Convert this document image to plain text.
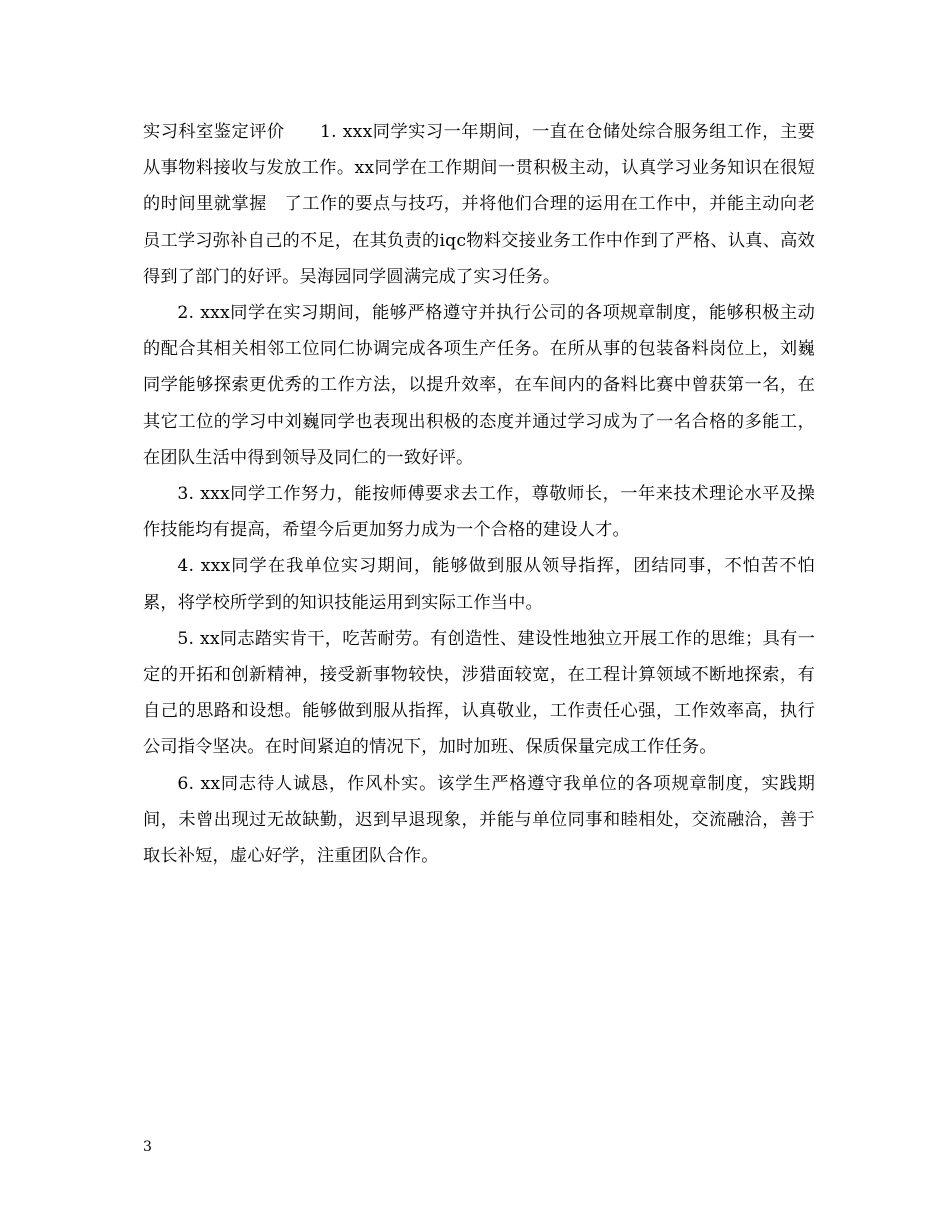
实习科室鉴定评价　　1. xxx同学实习一年期间，一直在仓储处综合服务组工作，主要从事物料接收与发放工作。xx同学在工作期间一贯积极主动，认真学习业务知识在很短的时间里就掌握　了工作的要点与技巧，并将他们合理的运用在工作中，并能主动向老员工学习弥补自己的不足，在其负责的iqc物料交接业务工作中作到了严格、认真、高效得到了部门的好评。吴海园同学圆满完成了实习任务。

2. xxx同学在实习期间，能够严格遵守并执行公司的各项规章制度，能够积极主动的配合其相关相邻工位同仁协调完成各项生产任务。在所从事的包装备料岗位上，刘巍同学能够探索更优秀的工作方法，以提升效率，在车间内的备料比赛中曾获第一名，在其它工位的学习中刘巍同学也表现出积极的态度并通过学习成为了一名合格的多能工，在团队生活中得到领导及同仁的一致好评。

3. xxx同学工作努力，能按师傅要求去工作，尊敬师长，一年来技术理论水平及操作技能均有提高，希望今后更加努力成为一个合格的建设人才。

4. xxx同学在我单位实习期间，能够做到服从领导指挥，团结同事，不怕苦不怕累，将学校所学到的知识技能运用到实际工作当中。

5. xx同志踏实肯干，吃苦耐劳。有创造性、建设性地独立开展工作的思维；具有一定的开拓和创新精神，接受新事物较快，涉猎面较宽，在工程计算领域不断地探索，有自己的思路和设想。能够做到服从指挥，认真敬业，工作责任心强，工作效率高，执行公司指令坚决。在时间紧迫的情况下，加时加班、保质保量完成工作任务。

6. xx同志待人诚恳，作风朴实。该学生严格遵守我单位的各项规章制度，实践期间，未曾出现过无故缺勤，迟到早退现象，并能与单位同事和睦相处，交流融洽，善于取长补短，虚心好学，注重团队合作。

3
